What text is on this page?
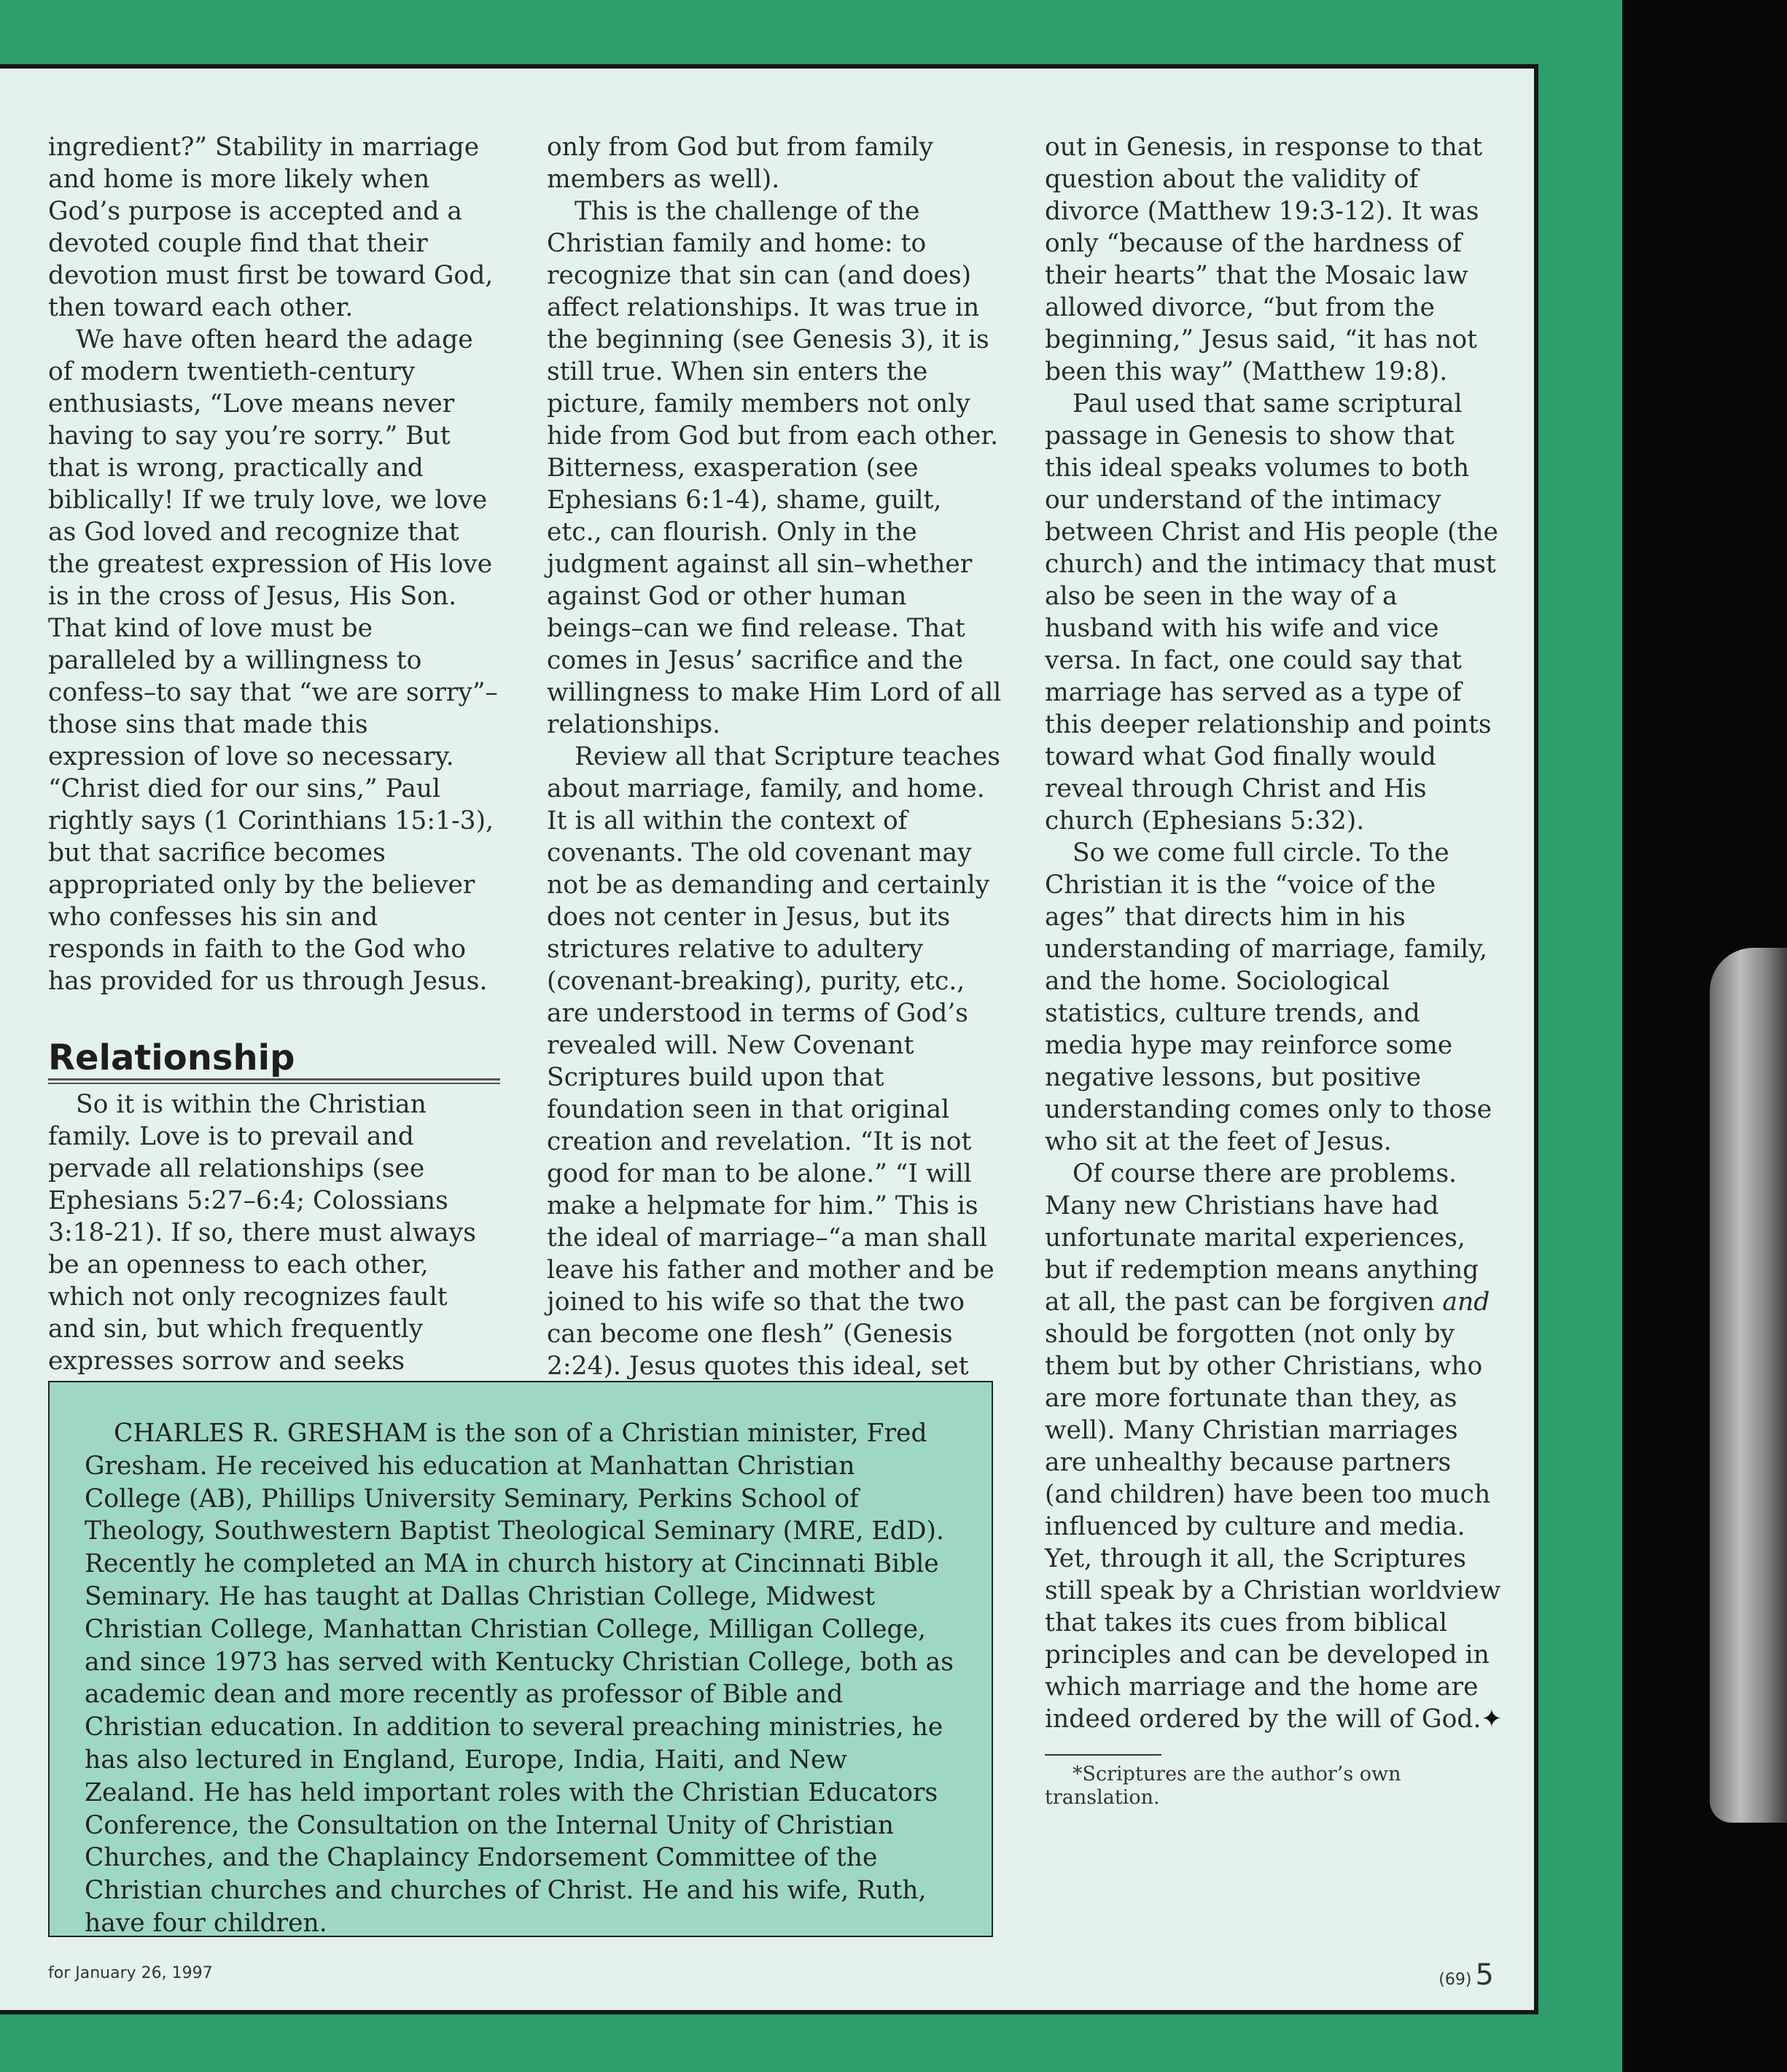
ingredient?” Stability in marriage and home is more likely when God’s purpose is accepted and a devoted couple find that their devotion must first be toward God, then toward each other.

We have often heard the adage of modern twentieth-century enthusiasts, “Love means never having to say you’re sorry.” But that is wrong, practically and biblically! If we truly love, we love as God loved and recognize that the greatest expression of His love is in the cross of Jesus, His Son. That kind of love must be paralleled by a willingness to confess–to say that “we are sorry”–those sins that made this expression of love so necessary. “Christ died for our sins,” Paul rightly says (1 Corinthians 15:1-3), but that sacrifice becomes appropriated only by the believer who confesses his sin and responds in faith to the God who has provided for us through Jesus.

Relationship

So it is within the Christian family. Love is to prevail and pervade all relationships (see Ephesians 5:27–6:4; Colossians 3:18-21). If so, there must always be an openness to each other, which not only recognizes fault and sin, but which frequently expresses sorrow and seeks

only from God but from family members as well).

This is the challenge of the Christian family and home: to recognize that sin can (and does) affect relationships. It was true in the beginning (see Genesis 3), it is still true. When sin enters the picture, family members not only hide from God but from each other. Bitterness, exasperation (see Ephesians 6:1-4), shame, guilt, etc., can flourish. Only in the judgment against all sin–whether against God or other human beings–can we find release. That comes in Jesus’ sacrifice and the willingness to make Him Lord of all relationships.

Review all that Scripture teaches about marriage, family, and home. It is all within the context of covenants. The old covenant may not be as demanding and certainly does not center in Jesus, but its strictures relative to adultery (covenant-breaking), purity, etc., are understood in terms of God’s revealed will. New Covenant Scriptures build upon that foundation seen in that original creation and revelation. “It is not good for man to be alone.” “I will make a helpmate for him.” This is the ideal of marriage–“a man shall leave his father and mother and be joined to his wife so that the two can become one flesh” (Genesis 2:24). Jesus quotes this ideal, set

out in Genesis, in response to that question about the validity of divorce (Matthew 19:3-12). It was only “because of the hardness of their hearts” that the Mosaic law allowed divorce, “but from the beginning,” Jesus said, “it has not been this way” (Matthew 19:8).

Paul used that same scriptural passage in Genesis to show that this ideal speaks volumes to both our understand of the intimacy between Christ and His people (the church) and the intimacy that must also be seen in the way of a husband with his wife and vice versa. In fact, one could say that marriage has served as a type of this deeper relationship and points toward what God finally would reveal through Christ and His church (Ephesians 5:32).

So we come full circle. To the Christian it is the “voice of the ages” that directs him in his understanding of marriage, family, and the home. Sociological statistics, culture trends, and media hype may reinforce some negative lessons, but positive understanding comes only to those who sit at the feet of Jesus.

Of course there are problems. Many new Christians have had unfortunate marital experiences, but if redemption means anything at all, the past can be forgiven and should be forgotten (not only by them but by other Christians, who are more fortunate than they, as well). Many Christian marriages are unhealthy because partners (and children) have been too much influenced by culture and media. Yet, through it all, the Scriptures still speak by a Christian worldview that takes its cues from biblical principles and can be developed in which marriage and the home are indeed ordered by the will of God.✦

*Scriptures are the author’s own translation.

CHARLES R. GRESHAM is the son of a Christian minister, Fred Gresham. He received his education at Manhattan Christian College (AB), Phillips University Seminary, Perkins School of Theology, Southwestern Baptist Theological Seminary (MRE, EdD). Recently he completed an MA in church history at Cincinnati Bible Seminary. He has taught at Dallas Christian College, Midwest Christian College, Manhattan Christian College, Milligan College, and since 1973 has served with Kentucky Christian College, both as academic dean and more recently as professor of Bible and Christian education. In addition to several preaching ministries, he has also lectured in England, Europe, India, Haiti, and New Zealand. He has held important roles with the Christian Educators Conference, the Consultation on the Internal Unity of Christian Churches, and the Chaplaincy Endorsement Committee of the Christian churches and churches of Christ. He and his wife, Ruth, have four children.

for January 26, 1997	(69) 5
